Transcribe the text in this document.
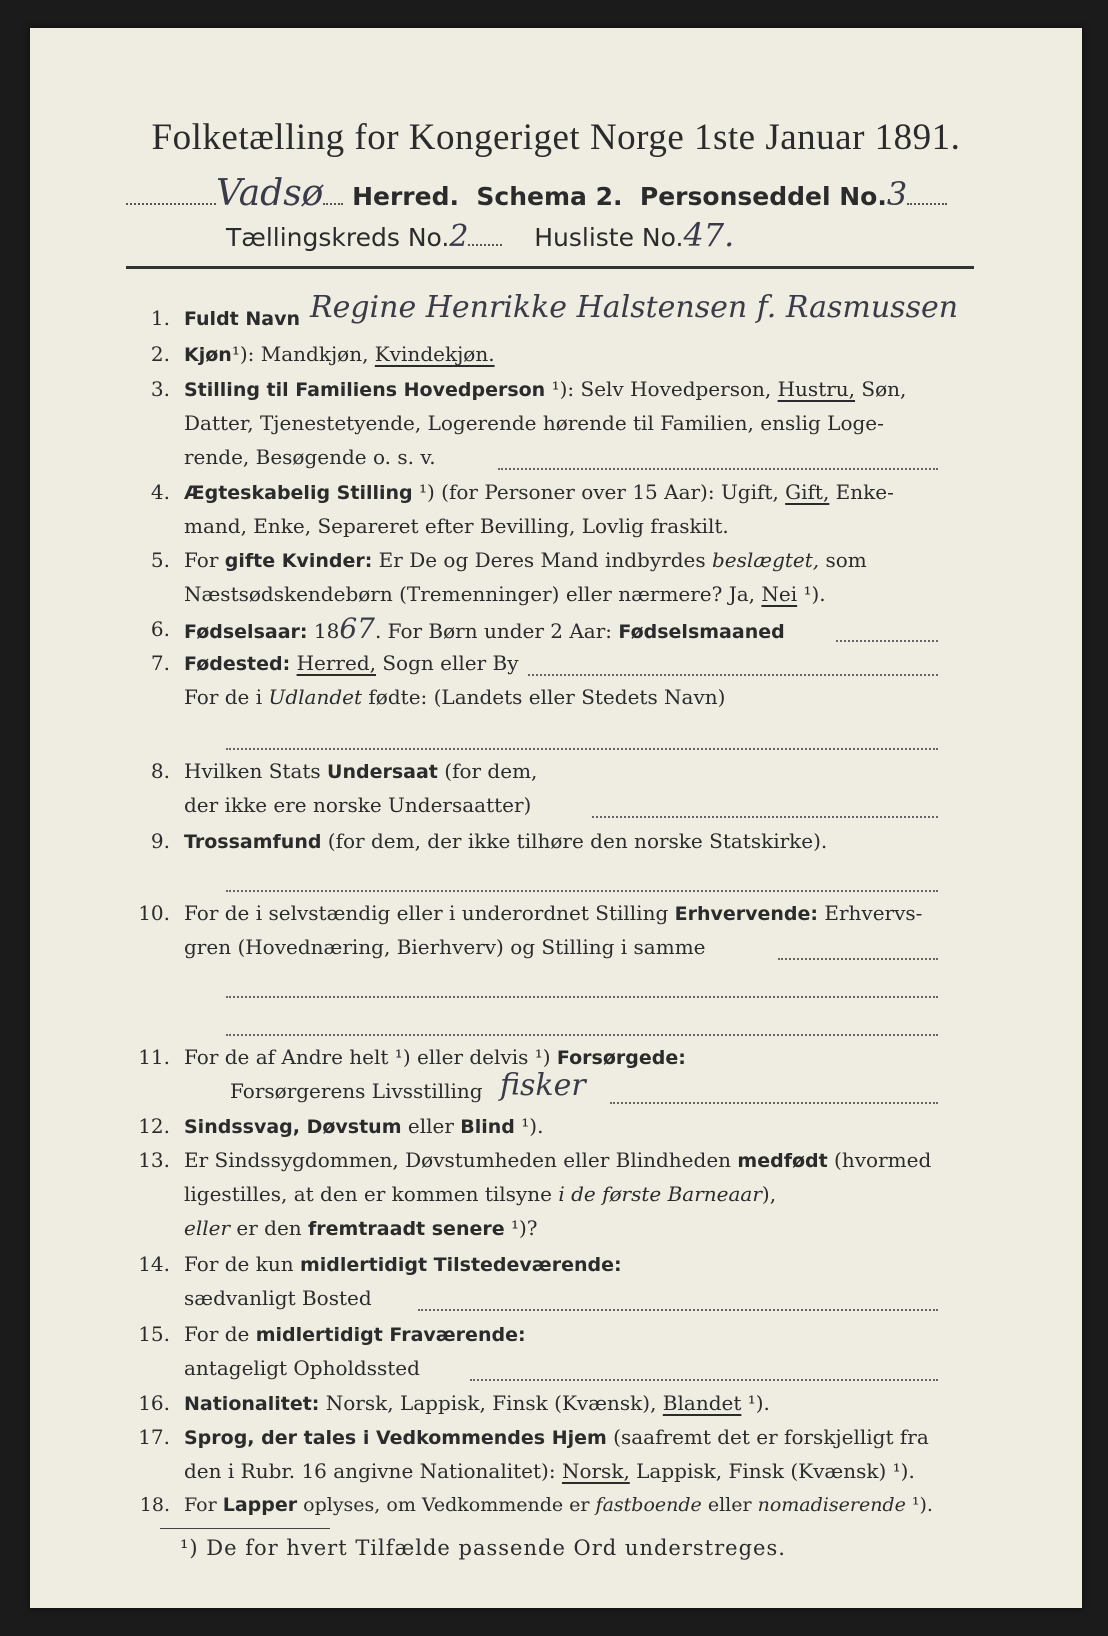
Folketælling for Kongeriget Norge 1ste Januar 1891.
Vadsø Herred. Schema 2. Personseddel No.3
Tællingskreds No.2	Husliste No.47.
1. Fuldt Navn Regine Henrikke Halstensen f. Rasmussen
2. Kjøn¹): Mandkjøn, Kvindekjøn.
3. Stilling til Familiens Hovedperson ¹): Selv Hovedperson, Hustru, Søn,
Datter, Tjenestetyende, Logerende hørende til Familien, enslig Loge-
rende, Besøgende o. s. v.
4. Ægteskabelig Stilling ¹) (for Personer over 15 Aar): Ugift, Gift, Enke-
mand, Enke, Separeret efter Bevilling, Lovlig fraskilt.
5. For gifte Kvinder: Er De og Deres Mand indbyrdes beslægtet, som
Næstsødskendebørn (Tremenninger) eller nærmere? Ja, Nei ¹).
6. Fødselsaar: 1867. For Børn under 2 Aar: Fødselsmaaned
7. Fødested: Herred, Sogn eller By
For de i Udlandet fødte: (Landets eller Stedets Navn)
8. Hvilken Stats Undersaat (for dem,
der ikke ere norske Undersaatter)
9. Trossamfund (for dem, der ikke tilhøre den norske Statskirke).
10. For de i selvstændig eller i underordnet Stilling Erhvervende: Erhvervs-
gren (Hovednæring, Bierhverv) og Stilling i samme
11. For de af Andre helt ¹) eller delvis ¹) Forsørgede:
Forsørgerens Livsstilling fisker
12. Sindssvag, Døvstum eller Blind ¹).
13. Er Sindssygdommen, Døvstumheden eller Blindheden medfødt (hvormed
ligestilles, at den er kommen tilsyne i de første Barneaar),
eller er den fremtraadt senere ¹)?
14. For de kun midlertidigt Tilstedeværende:
sædvanligt Bosted
15. For de midlertidigt Fraværende:
antageligt Opholdssted
16. Nationalitet: Norsk, Lappisk, Finsk (Kvænsk), Blandet ¹).
17. Sprog, der tales i Vedkommendes Hjem (saafremt det er forskjelligt fra
den i Rubr. 16 angivne Nationalitet): Norsk, Lappisk, Finsk (Kvænsk) ¹).
18. For Lapper oplyses, om Vedkommende er fastboende eller nomadiserende ¹).
¹) De for hvert Tilfælde passende Ord understreges.
